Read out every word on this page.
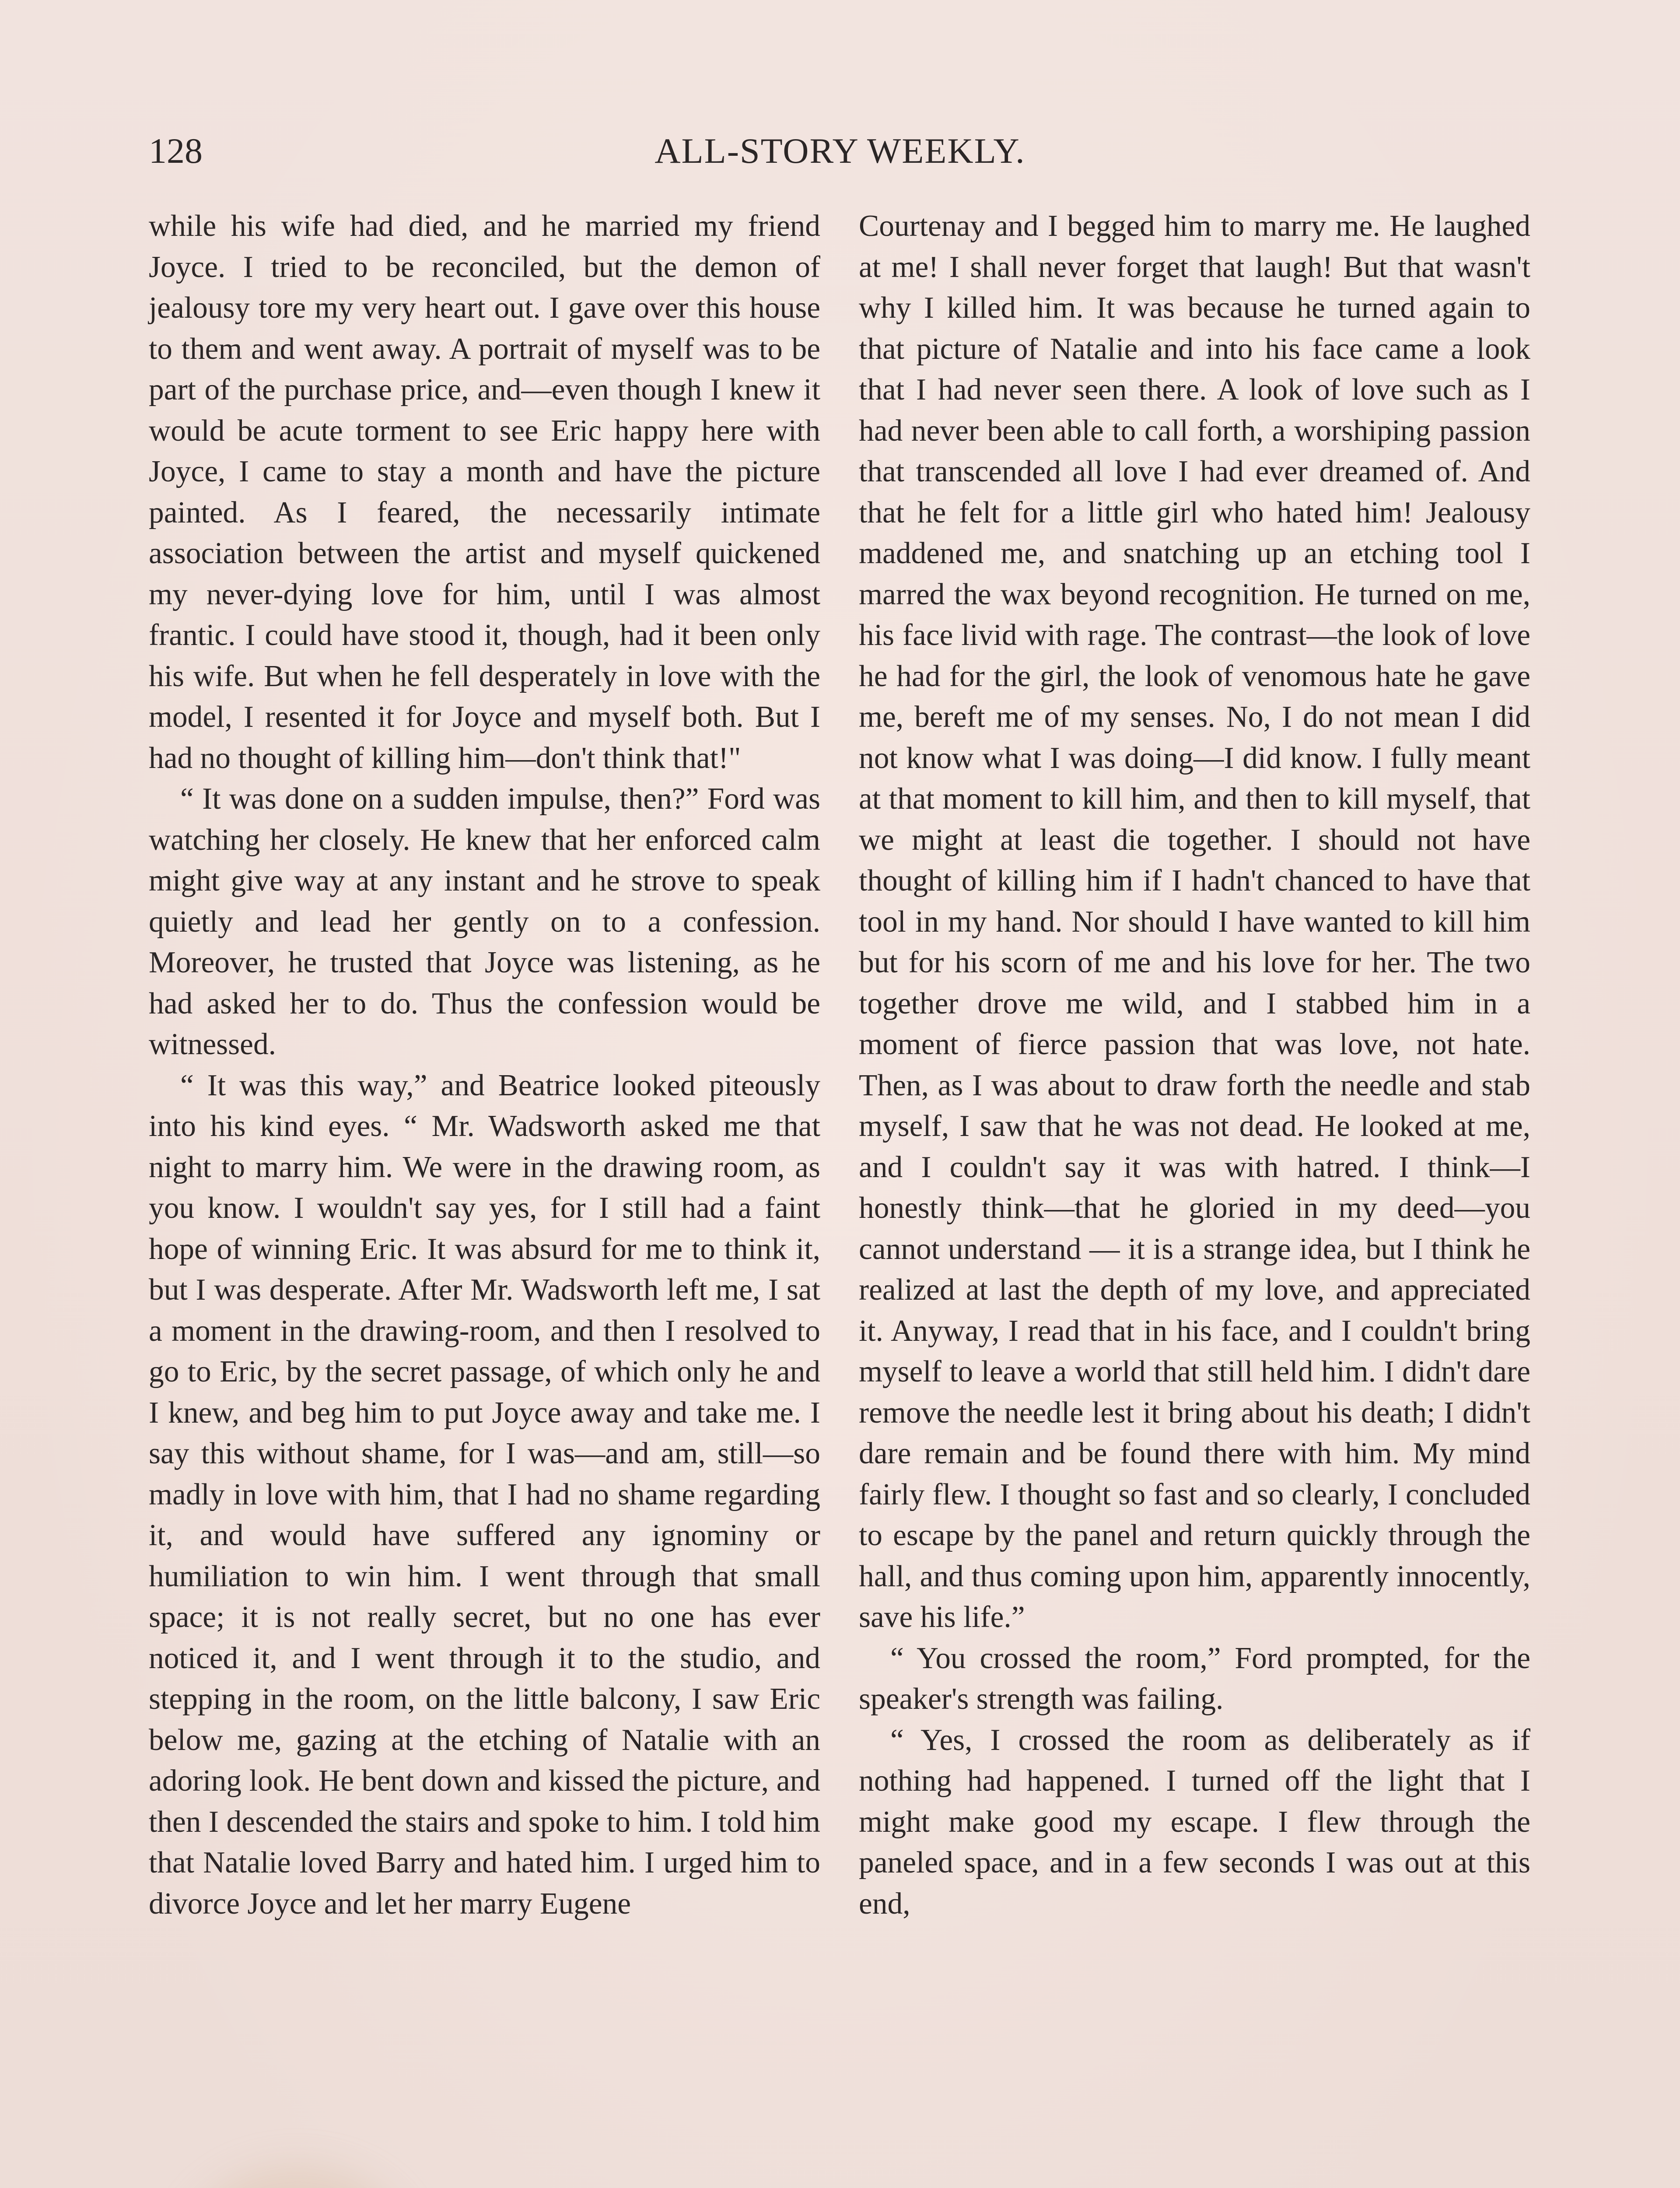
128	ALL-STORY WEEKLY.

while his wife had died, and he married my friend Joyce. I tried to be reconciled, but the demon of jealousy tore my very heart out. I gave over this house to them and went away. A portrait of myself was to be part of the purchase price, and—even though I knew it would be acute torment to see Eric happy here with Joyce, I came to stay a month and have the picture painted. As I feared, the necessarily intimate association between the artist and myself quickened my never-dying love for him, until I was almost frantic. I could have stood it, though, had it been only his wife. But when he fell desperately in love with the model, I resented it for Joyce and myself both. But I had no thought of killing him—don't think that!"

“ It was done on a sudden impulse, then?” Ford was watching her closely. He knew that her enforced calm might give way at any instant and he strove to speak quietly and lead her gently on to a confession. Moreover, he trusted that Joyce was listening, as he had asked her to do. Thus the confession would be witnessed.

“ It was this way,” and Beatrice looked piteously into his kind eyes. “ Mr. Wadsworth asked me that night to marry him. We were in the drawing room, as you know. I wouldn't say yes, for I still had a faint hope of winning Eric. It was absurd for me to think it, but I was desperate. After Mr. Wadsworth left me, I sat a moment in the drawing-room, and then I resolved to go to Eric, by the secret passage, of which only he and I knew, and beg him to put Joyce away and take me. I say this without shame, for I was—and am, still—so madly in love with him, that I had no shame regarding it, and would have suffered any ignominy or humiliation to win him. I went through that small space; it is not really secret, but no one has ever noticed it, and I went through it to the studio, and stepping in the room, on the little balcony, I saw Eric below me, gazing at the etching of Natalie with an adoring look. He bent down and kissed the picture, and then I descended the stairs and spoke to him. I told him that Natalie loved Barry and hated him. I urged him to divorce Joyce and let her marry Eugene

Courtenay and I begged him to marry me. He laughed at me! I shall never forget that laugh! But that wasn't why I killed him. It was because he turned again to that picture of Natalie and into his face came a look that I had never seen there. A look of love such as I had never been able to call forth, a worshiping passion that transcended all love I had ever dreamed of. And that he felt for a little girl who hated him! Jealousy maddened me, and snatching up an etching tool I marred the wax beyond recognition. He turned on me, his face livid with rage. The contrast—the look of love he had for the girl, the look of venomous hate he gave me, bereft me of my senses. No, I do not mean I did not know what I was doing—I did know. I fully meant at that moment to kill him, and then to kill myself, that we might at least die together. I should not have thought of killing him if I hadn't chanced to have that tool in my hand. Nor should I have wanted to kill him but for his scorn of me and his love for her. The two together drove me wild, and I stabbed him in a moment of fierce passion that was love, not hate. Then, as I was about to draw forth the needle and stab myself, I saw that he was not dead. He looked at me, and I couldn't say it was with hatred. I think—I honestly think—that he gloried in my deed—you cannot understand — it is a strange idea, but I think he realized at last the depth of my love, and appreciated it. Anyway, I read that in his face, and I couldn't bring myself to leave a world that still held him. I didn't dare remove the needle lest it bring about his death; I didn't dare remain and be found there with him. My mind fairly flew. I thought so fast and so clearly, I concluded to escape by the panel and return quickly through the hall, and thus coming upon him, apparently innocently, save his life.”

“ You crossed the room,” Ford prompted, for the speaker's strength was failing.

“ Yes, I crossed the room as deliberately as if nothing had happened. I turned off the light that I might make good my escape. I flew through the paneled space, and in a few seconds I was out at this end,
